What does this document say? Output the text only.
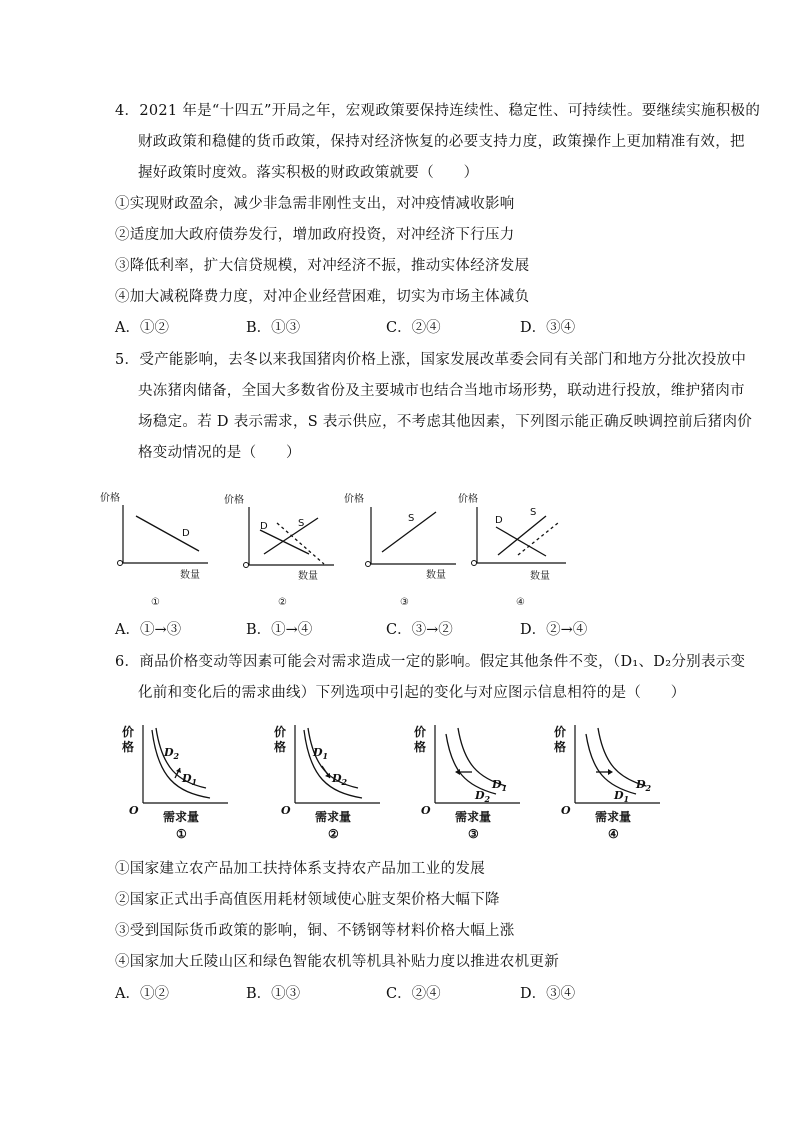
4．2021 年是“十四五”开局之年，宏观政策要保持连续性、稳定性、可持续性。要继续实施积极的
财政政策和稳健的货币政策，保持对经济恢复的必要支持力度，政策操作上更加精准有效，把
握好政策时度效。落实积极的财政政策就要（　　）
①实现财政盈余，减少非急需非刚性支出，对冲疫情减收影响
②适度加大政府债券发行，增加政府投资，对冲经济下行压力
③降低利率，扩大信贷规模，对冲经济不振，推动实体经济发展
④加大减税降费力度，对冲企业经营困难，切实为市场主体减负
A．①②	B．①③	C．②④	D．③④
5．受产能影响，去冬以来我国猪肉价格上涨，国家发展改革委会同有关部门和地方分批次投放中
央冻猪肉储备，全国大多数省份及主要城市也结合当地市场形势，联动进行投放，维护猪肉市
场稳定。若 D 表示需求，S 表示供应，不考虑其他因素，下列图示能正确反映调控前后猪肉价
格变动情况的是（　　）
价格
D
数量
①
价格
D	S
数量
②
价格
S
数量
③
价格
D
S
数量
④
A．①→③	B．①→④	C．③→②	D．②→④
6．商品价格变动等因素可能会对需求造成一定的影响。假定其他条件不变，（D₁、D₂分别表示变
化前和变化后的需求曲线）下列选项中引起的变化与对应图示信息相符的是（　　）
价
格	$D_2$
$D_1$
O 需求量
①
价
格 $D_1$
$D_2$
O 需求量
②
价
格
$D_1$
$D_2$
O 需求量
③
价
格
$D_2$
$D_1$
O 需求量
④
①国家建立农产品加工扶持体系支持农产品加工业的发展
②国家正式出手高值医用耗材领域使心脏支架价格大幅下降
③受到国际货币政策的影响，铜、不锈钢等材料价格大幅上涨
④国家加大丘陵山区和绿色智能农机等机具补贴力度以推进农机更新
A．①②	B．①③	C．②④	D．③④
